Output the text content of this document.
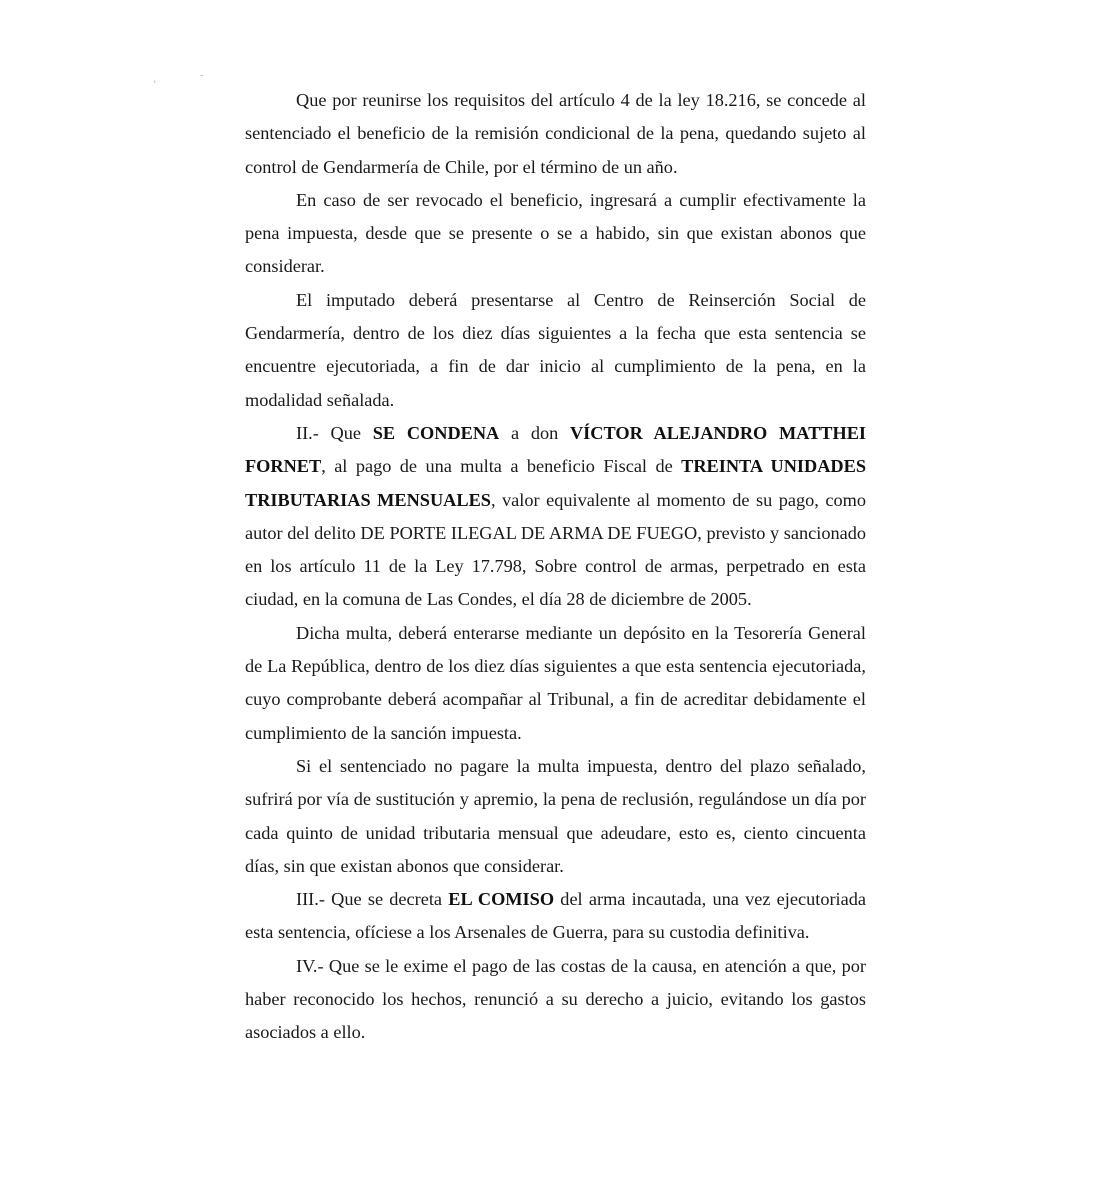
,	-

Que por reunirse los requisitos del artículo 4 de la ley 18.216, se concede al sentenciado el beneficio de la remisión condicional de la pena, quedando sujeto al control de Gendarmería de Chile, por el término de un año.

En caso de ser revocado el beneficio, ingresará a cumplir efectivamente la pena impuesta, desde que se presente o se a habido, sin que existan abonos que considerar.

El imputado deberá presentarse al Centro de Reinserción Social de Gendarmería, dentro de los diez días siguientes a la fecha que esta sentencia se encuentre ejecutoriada, a fin de dar inicio al cumplimiento de la pena, en la modalidad señalada.

II.- Que SE CONDENA a don VÍCTOR ALEJANDRO MATTHEI FORNET, al pago de una multa a beneficio Fiscal de TREINTA UNIDADES TRIBUTARIAS MENSUALES, valor equivalente al momento de su pago, como autor del delito DE PORTE ILEGAL DE ARMA DE FUEGO, previsto y sancionado en los artículo 11 de la Ley 17.798, Sobre control de armas, perpetrado en esta ciudad, en la comuna de Las Condes, el día 28 de diciembre de 2005.

Dicha multa, deberá enterarse mediante un depósito en la Tesorería General de La República, dentro de los diez días siguientes a que esta sentencia ejecutoriada, cuyo comprobante deberá acompañar al Tribunal, a fin de acreditar debidamente el cumplimiento de la sanción impuesta.

Si el sentenciado no pagare la multa impuesta, dentro del plazo señalado, sufrirá por vía de sustitución y apremio, la pena de reclusión, regulándose un día por cada quinto de unidad tributaria mensual que adeudare, esto es, ciento cincuenta días, sin que existan abonos que considerar.

III.- Que se decreta EL COMISO del arma incautada, una vez ejecutoriada esta sentencia, ofíciese a los Arsenales de Guerra, para su custodia definitiva.

IV.- Que se le exime el pago de las costas de la causa, en atención a que, por haber reconocido los hechos, renunció a su derecho a juicio, evitando los gastos asociados a ello.
